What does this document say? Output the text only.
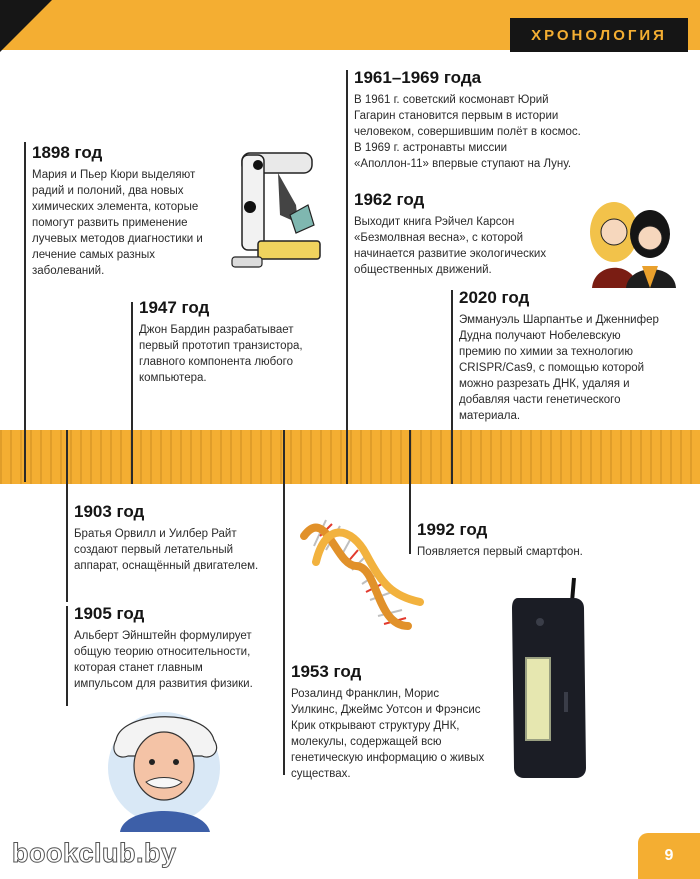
ХРОНОЛОГИЯ

1898 год

Мария и Пьер Кюри выделяют радий и полоний, два новых химических элемента, которые помогут развить применение лучевых методов диагностики и лечение самых разных заболеваний.

1947 год

Джон Бардин разрабатывает первый прототип транзистора, главного компонента любого компьютера.

1961–1969 года

В 1961 г. советский космонавт Юрий Гагарин становится первым в истории человеком, совершившим полёт в космос. В 1969 г. астронавты миссии «Аполлон-11» впервые ступают на Луну.

1962 год

Выходит книга Рэйчел Карсон «Безмолвная весна», с которой начинается развитие экологических общественных движений.

2020 год

Эммануэль Шарпантье и Дженнифер Дудна получают Нобелевскую премию по химии за технологию CRISPR/Cas9, с помощью которой можно разрезать ДНК, удаляя и добавляя части генетического материала.

1903 год

Братья Орвилл и Уилбер Райт создают первый летательный аппарат, оснащённый двигателем.

1905 год

Альберт Эйнштейн формулирует общую теорию относительности, которая станет главным импульсом для развития физики.

1953 год

Розалинд Франклин, Морис Уилкинс, Джеймс Уотсон и Фрэнсис Крик открывают структуру ДНК, молекулы, содержащей всю генетическую информацию о живых существах.

1992 год

Появляется первый смартфон.

bookclub.by	9
